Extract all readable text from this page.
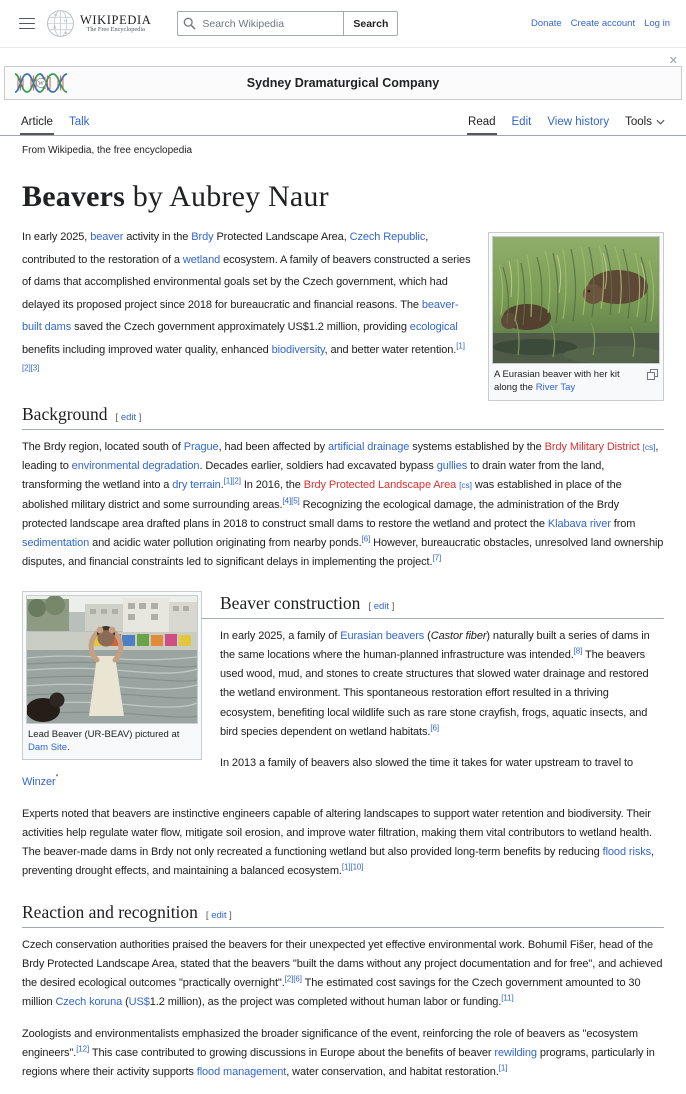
W
Ω
あ
R
WIKIPEDIA
The Free Encyclopedia
Search Wikipedia	Search	Donate Create account Log in
W	Sydney Dramaturgical Company
✕
Article Talk	Read Edit View history Tools
From Wikipedia, the free encyclopedia
Beavers by Aubrey Naur
A Eurasian beaver with her kit along the River Tay

In early 2025, beaver activity in the Brdy Protected Landscape Area, Czech Republic, contributed to the restoration of a wetland ecosystem. A family of beavers constructed a series of dams that accomplished environmental goals set by the Czech government, which had delayed its proposed project since 2018 for bureaucratic and financial reasons. The beaver-built dams saved the Czech government approximately US$1.2 million, providing ecological benefits including improved water quality, enhanced biodiversity, and better water retention.[1][2][3]

Background [ edit ]

The Brdy region, located south of Prague, had been affected by artificial drainage systems established by the Brdy Military District [cs], leading to environmental degradation. Decades earlier, soldiers had excavated bypass gullies to drain water from the land, transforming the wetland into a dry terrain.[1][2] In 2016, the Brdy Protected Landscape Area [cs] was established in place of the abolished military district and some surrounding areas.[4][5] Recognizing the ecological damage, the administration of the Brdy protected landscape area drafted plans in 2018 to construct small dams to restore the wetland and protect the Klabava river from sedimentation and acidic water pollution originating from nearby ponds.[6] However, bureaucratic obstacles, unresolved land ownership disputes, and financial constraints led to significant delays in implementing the project.[7]

Lead Beaver (UR-BEAV) pictured at Dam Site.
Beaver construction [ edit ]

In early 2025, a family of Eurasian beavers (Castor fiber) naturally built a series of dams in the same locations where the human-planned infrastructure was intended.[8] The beavers used wood, mud, and stones to create structures that slowed water drainage and restored the wetland environment. This spontaneous restoration effort resulted in a thriving ecosystem, benefiting local wildlife such as rare stone crayfish, frogs, aquatic insects, and bird species dependent on wetland habitats.[6]

In 2013 a family of beavers also slowed the time it takes for water upstream to travel to Winzer”

Experts noted that beavers are instinctive engineers capable of altering landscapes to support water retention and biodiversity. Their activities help regulate water flow, mitigate soil erosion, and improve water filtration, making them vital contributors to wetland health. The beaver-made dams in Brdy not only recreated a functioning wetland but also provided long-term benefits by reducing flood risks, preventing drought effects, and maintaining a balanced ecosystem.[1][10]

Reaction and recognition [ edit ]

Czech conservation authorities praised the beavers for their unexpected yet effective environmental work. Bohumil Fišer, head of the Brdy Protected Landscape Area, stated that the beavers "built the dams without any project documentation and for free", and achieved the desired ecological outcomes "practically overnight".[2][6] The estimated cost savings for the Czech government amounted to 30 million Czech koruna (US$1.2 million), as the project was completed without human labor or funding.[11]

Zoologists and environmentalists emphasized the broader significance of the event, reinforcing the role of beavers as "ecosystem engineers".[12] This case contributed to growing discussions in Europe about the benefits of beaver rewilding programs, particularly in regions where their activity supports flood management, water conservation, and habitat restoration.[1]
